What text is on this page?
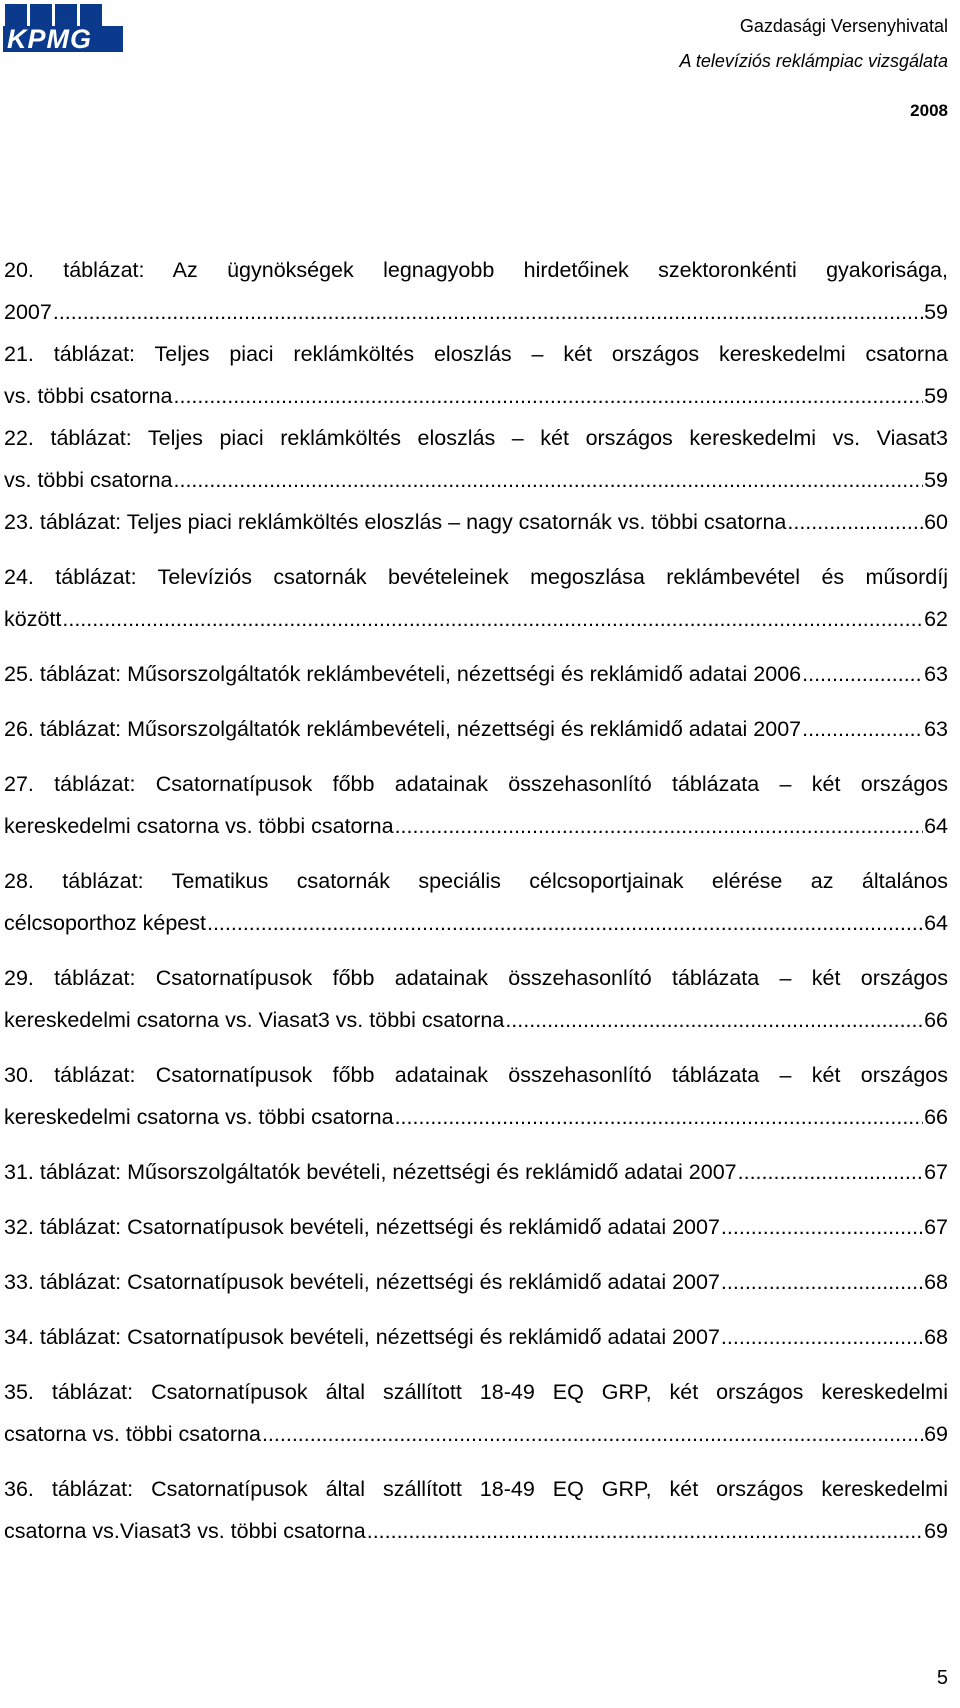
KPMG	Gazdasági Versenyhivatal
A televíziós reklámpiac vizsgálata
2008
20. táblázat: Az ügynökségek legnagyobb hirdetőinek szektoronkénti gyakorisága,
2007 .....	59
21. táblázat: Teljes piaci reklámköltés eloszlás – két országos kereskedelmi csatorna
vs. többi csatorna .....	59
22. táblázat: Teljes piaci reklámköltés eloszlás – két országos kereskedelmi vs. Viasat3
vs. többi csatorna .....	59
23. táblázat: Teljes piaci reklámköltés eloszlás – nagy csatornák vs. többi csatorna .....	60
24. táblázat: Televíziós csatornák bevételeinek megoszlása reklámbevétel és műsordíj
között .....	62
25. táblázat: Műsorszolgáltatók reklámbevételi, nézettségi és reklámidő adatai 2006 .....	63
26. táblázat: Műsorszolgáltatók reklámbevételi, nézettségi és reklámidő adatai 2007 .....	63
27. táblázat: Csatornatípusok főbb adatainak összehasonlító táblázata – két országos
kereskedelmi csatorna vs. többi csatorna .....	64
28. táblázat: Tematikus csatornák speciális célcsoportjainak elérése az általános
célcsoporthoz képest .....	64
29. táblázat: Csatornatípusok főbb adatainak összehasonlító táblázata – két országos
kereskedelmi csatorna vs. Viasat3 vs. többi csatorna .....	66
30. táblázat: Csatornatípusok főbb adatainak összehasonlító táblázata – két országos
kereskedelmi csatorna vs. többi csatorna .....	66
31. táblázat: Műsorszolgáltatók bevételi, nézettségi és reklámidő adatai 2007 .....	67
32. táblázat: Csatornatípusok bevételi, nézettségi és reklámidő adatai 2007 .....	67
33. táblázat: Csatornatípusok bevételi, nézettségi és reklámidő adatai 2007 .....	68
34. táblázat: Csatornatípusok bevételi, nézettségi és reklámidő adatai 2007 .....	68
35. táblázat: Csatornatípusok által szállított 18-49 EQ GRP, két országos kereskedelmi
csatorna vs. többi csatorna .....	69
36. táblázat: Csatornatípusok által szállított 18-49 EQ GRP, két országos kereskedelmi
csatorna vs.Viasat3 vs. többi csatorna .....	69
5
